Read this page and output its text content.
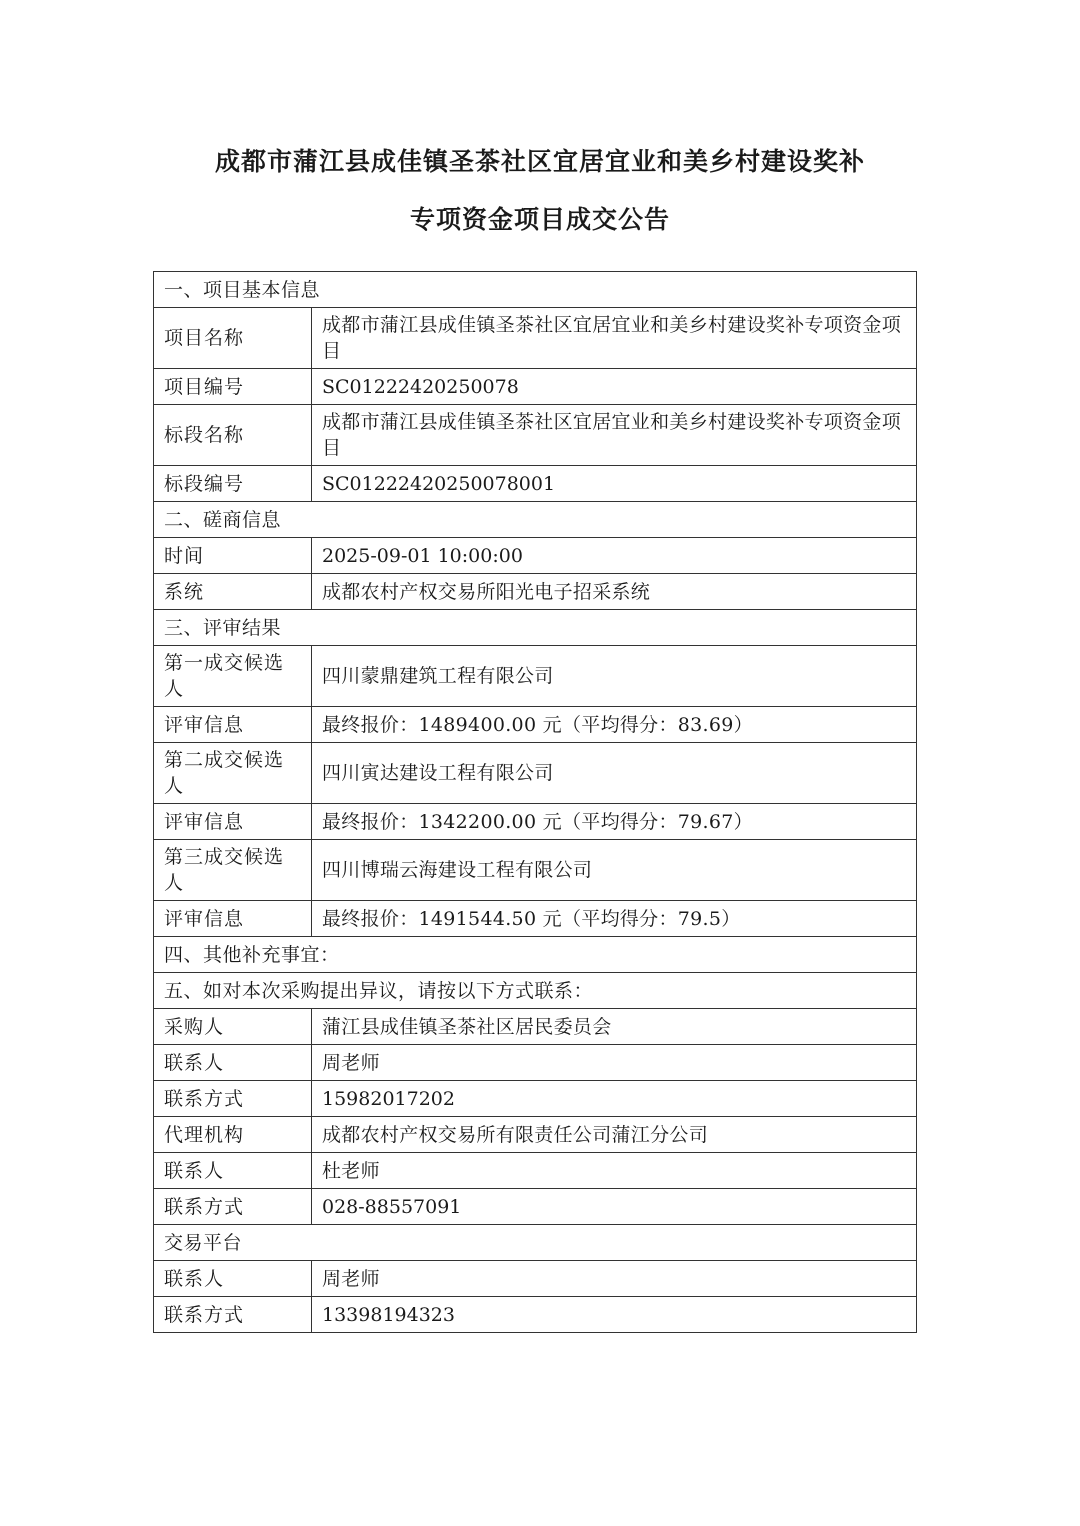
成都市蒲江县成佳镇圣茶社区宜居宜业和美乡村建设奖补
专项资金项目成交公告
一、项目基本信息	
项目名称	成都市蒲江县成佳镇圣茶社区宜居宜业和美乡村建设奖补专项资金项目
项目编号	SC01222420250078
标段名称	成都市蒲江县成佳镇圣茶社区宜居宜业和美乡村建设奖补专项资金项目
标段编号	SC01222420250078001
二、磋商信息	
时间	2025-09-01 10:00:00
系统	成都农村产权交易所阳光电子招采系统
三、评审结果	
第一成交候选人	四川蒙鼎建筑工程有限公司
评审信息	最终报价：1489400.00 元（平均得分：83.69）
第二成交候选人	四川寅达建设工程有限公司
评审信息	最终报价：1342200.00 元（平均得分：79.67）
第三成交候选人	四川博瑞云海建设工程有限公司
评审信息	最终报价：1491544.50 元（平均得分：79.5）
四、其他补充事宜：	
五、如对本次采购提出异议，请按以下方式联系：	
采购人	蒲江县成佳镇圣茶社区居民委员会
联系人	周老师
联系方式	15982017202
代理机构	成都农村产权交易所有限责任公司蒲江分公司
联系人	杜老师
联系方式	028-88557091
交易平台	
联系人	周老师
联系方式	13398194323
